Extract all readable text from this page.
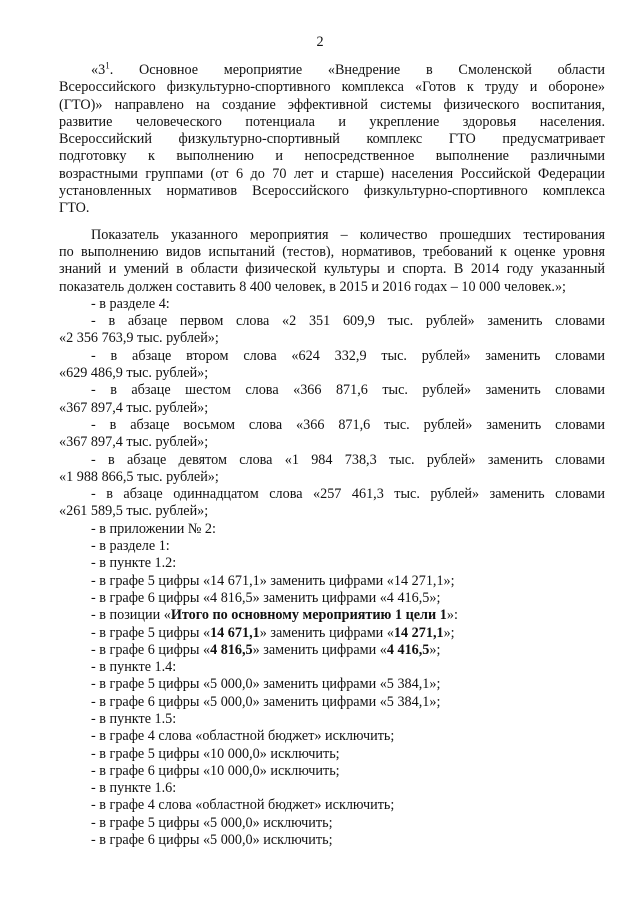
2

«$3^1$. Основное мероприятие «Внедрение в Смоленской области

Всероссийского физкультурно-спортивного комплекса «Готов к труду и обороне»

(ГТО)» направлено на создание эффективной системы физического воспитания,

развитие человеческого потенциала и укрепление здоровья населения.

Всероссийский физкультурно-спортивный комплекс ГТО предусматривает

подготовку к выполнению и непосредственное выполнение различными

возрастными группами (от 6 до 70 лет и старше) населения Российской Федерации

установленных нормативов Всероссийского физкультурно-спортивного комплекса

ГТО.

Показатель указанного мероприятия – количество прошедших тестирования

по выполнению видов испытаний (тестов), нормативов, требований к оценке уровня

знаний и умений в области физической культуры и спорта. В 2014 году указанный

показатель должен составить 8 400 человек, в 2015 и 2016 годах – 10 000 человек.»;

- в разделе 4:

- в абзаце первом слова «2 351 609,9 тыс. рублей» заменить словами

«2 356 763,9 тыс. рублей»;

- в абзаце втором слова «624 332,9 тыс. рублей» заменить словами

«629 486,9 тыс. рублей»;

- в абзаце шестом слова «366 871,6 тыс. рублей» заменить словами

«367 897,4 тыс. рублей»;

- в абзаце восьмом слова «366 871,6 тыс. рублей» заменить словами

«367 897,4 тыс. рублей»;

- в абзаце девятом слова «1 984 738,3 тыс. рублей» заменить словами

«1 988 866,5 тыс. рублей»;

- в абзаце одиннадцатом слова «257 461,3 тыс. рублей» заменить словами

«261 589,5 тыс. рублей»;

- в приложении № 2:

- в разделе 1:

- в пункте 1.2:

- в графе 5 цифры «14 671,1» заменить цифрами «14 271,1»;

- в графе 6 цифры «4 816,5» заменить цифрами «4 416,5»;

- в позиции «Итого по основному мероприятию 1 цели 1»:

- в графе 5 цифры «14 671,1» заменить цифрами «14 271,1»;

- в графе 6 цифры «4 816,5» заменить цифрами «4 416,5»;

- в пункте 1.4:

- в графе 5 цифры «5 000,0» заменить цифрами «5 384,1»;

- в графе 6 цифры «5 000,0» заменить цифрами «5 384,1»;

- в пункте 1.5:

- в графе 4 слова «областной бюджет» исключить;

- в графе 5 цифры «10 000,0» исключить;

- в графе 6 цифры «10 000,0» исключить;

- в пункте 1.6:

- в графе 4 слова «областной бюджет» исключить;

- в графе 5 цифры «5 000,0» исключить;

- в графе 6 цифры «5 000,0» исключить;
